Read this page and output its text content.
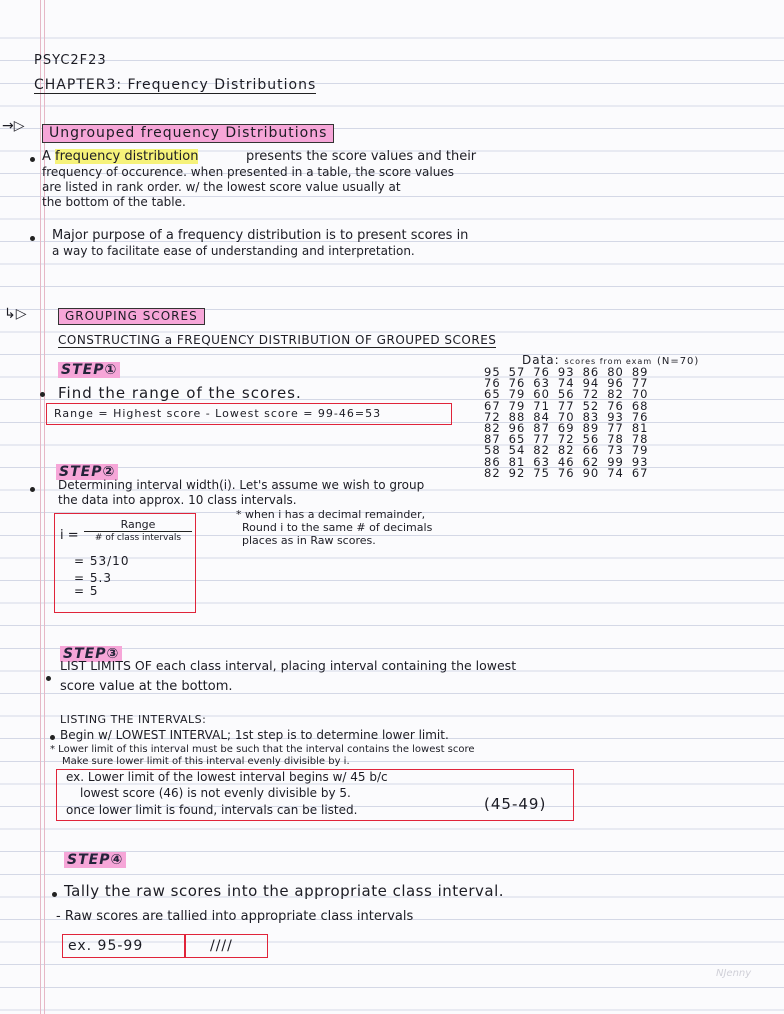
PSYC2F23
CHAPTER3: Frequency Distributions
→▷	Ungrouped frequency Distributions
A frequency distribution	presents the score values and their
frequency of occurence. when presented in a table, the score values
are listed in rank order. w/ the lowest score value usually at
the bottom of the table.
Major purpose of a frequency distribution is to present scores in
a way to facilitate ease of understanding and interpretation.
↳▷	GROUPING SCORES
CONSTRUCTING a FREQUENCY DISTRIBUTION OF GROUPED SCORES
STEP①
Find the range of the scores.
Range = Highest score - Lowest score = 99-46=53
Data: scores from exam (N=70)
95	57	76	93	86	80	89
76	76	63	74	94	96	77
65	79	60	56	72	82	70
67	79	71	77	52	76	68
72	88	84	70	83	93	76
82	96	87	69	89	77	81
87	65	77	72	56	78	78
58	54	82	82	66	73	79
86	81	63	46	62	99	93
82	92	75	76	90	74	67
STEP②
Determining interval width(i). Let's assume we wish to group
the data into approx. 10 class intervals.
i =
Range
# of class intervals
= 53/10
= 5.3
= 5
* when i has a decimal remainder,
Round i to the same # of decimals
places as in Raw scores.
STEP③
LIST LIMITS OF each class interval, placing interval containing the lowest
score value at the bottom.
LISTING THE INTERVALS:
Begin w/ LOWEST INTERVAL; 1st step is to determine lower limit.
* Lower limit of this interval must be such that the interval contains the lowest score
Make sure lower limit of this interval evenly divisible by i.
ex. Lower limit of the lowest interval begins w/ 45 b/c
lowest score (46) is not evenly divisible by 5.
once lower limit is found, intervals can be listed.	(45-49)
STEP④
Tally the raw scores into the appropriate class interval.
- Raw scores are tallied into appropriate class intervals
ex. 95-99	////
NJenny
